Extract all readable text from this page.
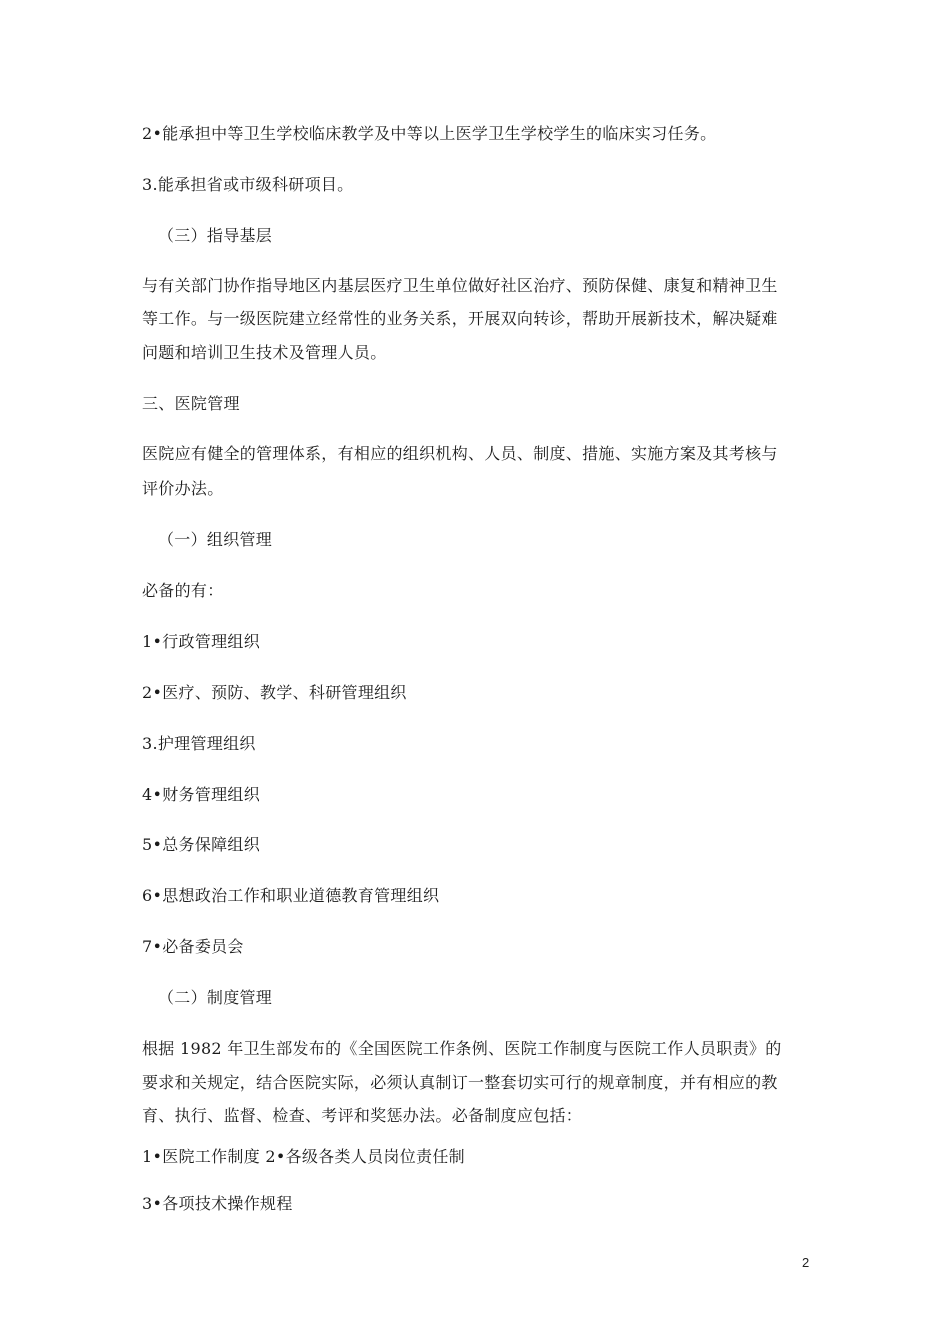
2•能承担中等卫生学校临床教学及中等以上医学卫生学校学生的临床实习任务。
3.能承担省或市级科研项目。
（三）指导基层
与有关部门协作指导地区内基层医疗卫生单位做好社区治疗、预防保健、康复和精神卫生
等工作。与一级医院建立经常性的业务关系，开展双向转诊，帮助开展新技术，解决疑难
问题和培训卫生技术及管理人员。
三、医院管理
医院应有健全的管理体系，有相应的组织机构、人员、制度、措施、实施方案及其考核与
评价办法。
（一）组织管理
必备的有：
1•行政管理组织
2•医疗、预防、教学、科研管理组织
3.护理管理组织
4•财务管理组织
5•总务保障组织
6•思想政治工作和职业道德教育管理组织
7•必备委员会
（二）制度管理
根据 1982 年卫生部发布的《全国医院工作条例、医院工作制度与医院工作人员职责》的
要求和关规定，结合医院实际，必须认真制订一整套切实可行的规章制度，并有相应的教
育、执行、监督、检查、考评和奖惩办法。必备制度应包括：
1•医院工作制度 2•各级各类人员岗位责任制
3•各项技术操作规程
2
